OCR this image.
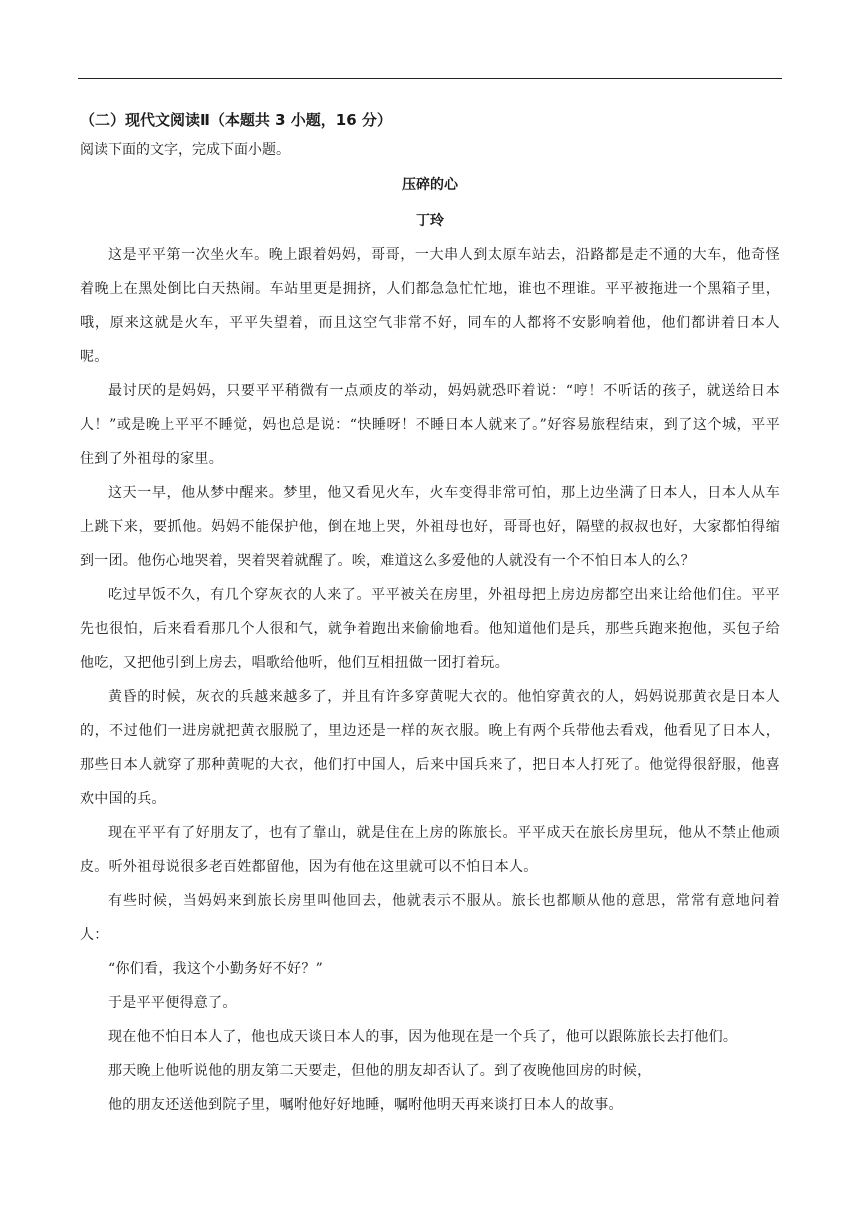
（二）现代文阅读Ⅱ（本题共 3 小题，16 分）

阅读下面的文字，完成下面小题。

压碎的心

丁玲

这是平平第一次坐火车。晚上跟着妈妈，哥哥，一大串人到太原车站去，沿路都是走不通的大车，他奇怪着晚上在黑处倒比白天热闹。车站里更是拥挤，人们都急急忙忙地，谁也不理谁。平平被拖进一个黑箱子里，哦，原来这就是火车，平平失望着，而且这空气非常不好，同车的人都将不安影响着他，他们都讲着日本人呢。

最讨厌的是妈妈，只要平平稍微有一点顽皮的举动，妈妈就恐吓着说：“哼！不听话的孩子，就送给日本人！”或是晚上平平不睡觉，妈也总是说：“快睡呀！不睡日本人就来了。”好容易旅程结束，到了这个城，平平住到了外祖母的家里。

这天一早，他从梦中醒来。梦里，他又看见火车，火车变得非常可怕，那上边坐满了日本人，日本人从车上跳下来，要抓他。妈妈不能保护他，倒在地上哭，外祖母也好，哥哥也好，隔壁的叔叔也好，大家都怕得缩到一团。他伤心地哭着，哭着哭着就醒了。唉，难道这么多爱他的人就没有一个不怕日本人的么？

吃过早饭不久，有几个穿灰衣的人来了。平平被关在房里，外祖母把上房边房都空出来让给他们住。平平先也很怕，后来看看那几个人很和气，就争着跑出来偷偷地看。他知道他们是兵，那些兵跑来抱他，买包子给他吃，又把他引到上房去，唱歌给他听，他们互相扭做一团打着玩。

黄昏的时候，灰衣的兵越来越多了，并且有许多穿黄呢大衣的。他怕穿黄衣的人，妈妈说那黄衣是日本人的，不过他们一进房就把黄衣服脱了，里边还是一样的灰衣服。晚上有两个兵带他去看戏，他看见了日本人，那些日本人就穿了那种黄呢的大衣，他们打中国人，后来中国兵来了，把日本人打死了。他觉得很舒服，他喜欢中国的兵。

现在平平有了好朋友了，也有了靠山，就是住在上房的陈旅长。平平成天在旅长房里玩，他从不禁止他顽皮。听外祖母说很多老百姓都留他，因为有他在这里就可以不怕日本人。

有些时候，当妈妈来到旅长房里叫他回去，他就表示不服从。旅长也都顺从他的意思，常常有意地问着人：

“你们看，我这个小勤务好不好？”

于是平平便得意了。

现在他不怕日本人了，他也成天谈日本人的事，因为他现在是一个兵了，他可以跟陈旅长去打他们。

那天晚上他听说他的朋友第二天要走，但他的朋友却否认了。到了夜晚他回房的时候，

他的朋友还送他到院子里，嘱咐他好好地睡，嘱咐他明天再来谈打日本人的故事。
